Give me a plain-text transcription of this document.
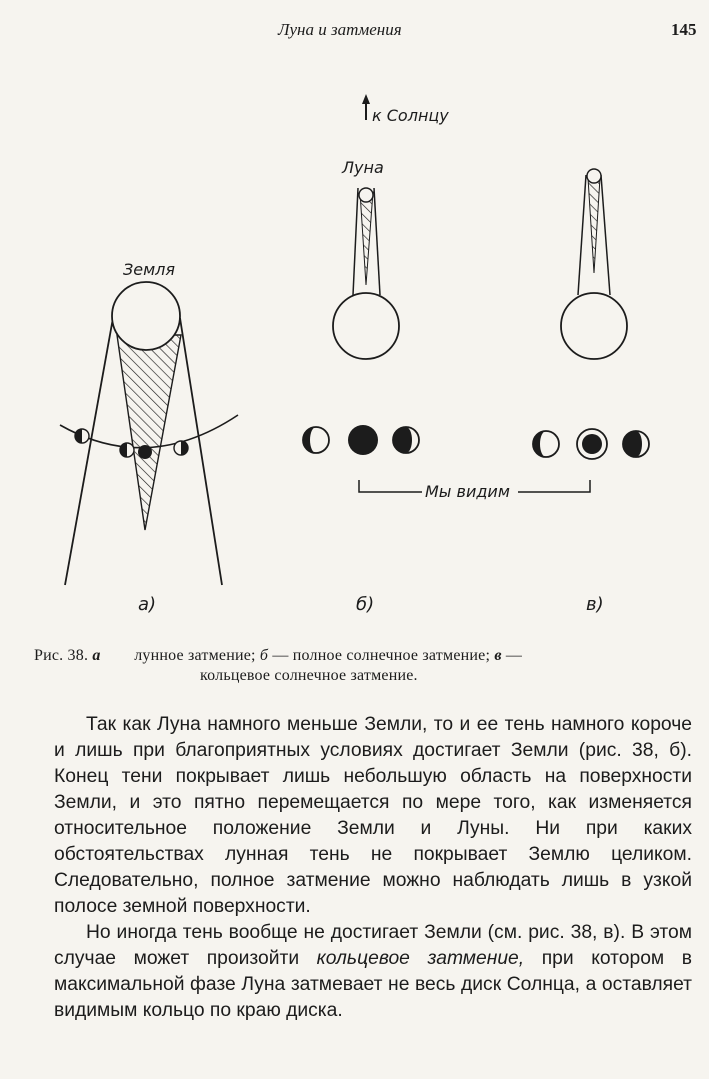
Луна и затмения	145
к Солнцу
Луна
Земля
Мы видим
а)	б)	в)
Рис. 38. а лунное затмение; б — полное солнечное затмение; в —
кольцевое солнечное затмение.

Так как Луна намного меньше Земли, то и ее тень намного короче и лишь при благоприятных условиях достигает Земли (рис. 38, б). Конец тени покрывает лишь небольшую область на поверхности Земли, и это пятно перемещается по мере того, как изменяется относительное положение Земли и Луны. Ни при каких обстоятельствах лунная тень не покрывает Землю целиком. Следовательно, полное затмение можно наблюдать лишь в узкой полосе земной поверхности.

Но иногда тень вообще не достигает Земли (см. рис. 38, в). В этом случае может произойти кольцевое затмение, при котором в максимальной фазе Луна затмевает не весь диск Солнца, а оставляет видимым кольцо по краю диска.
